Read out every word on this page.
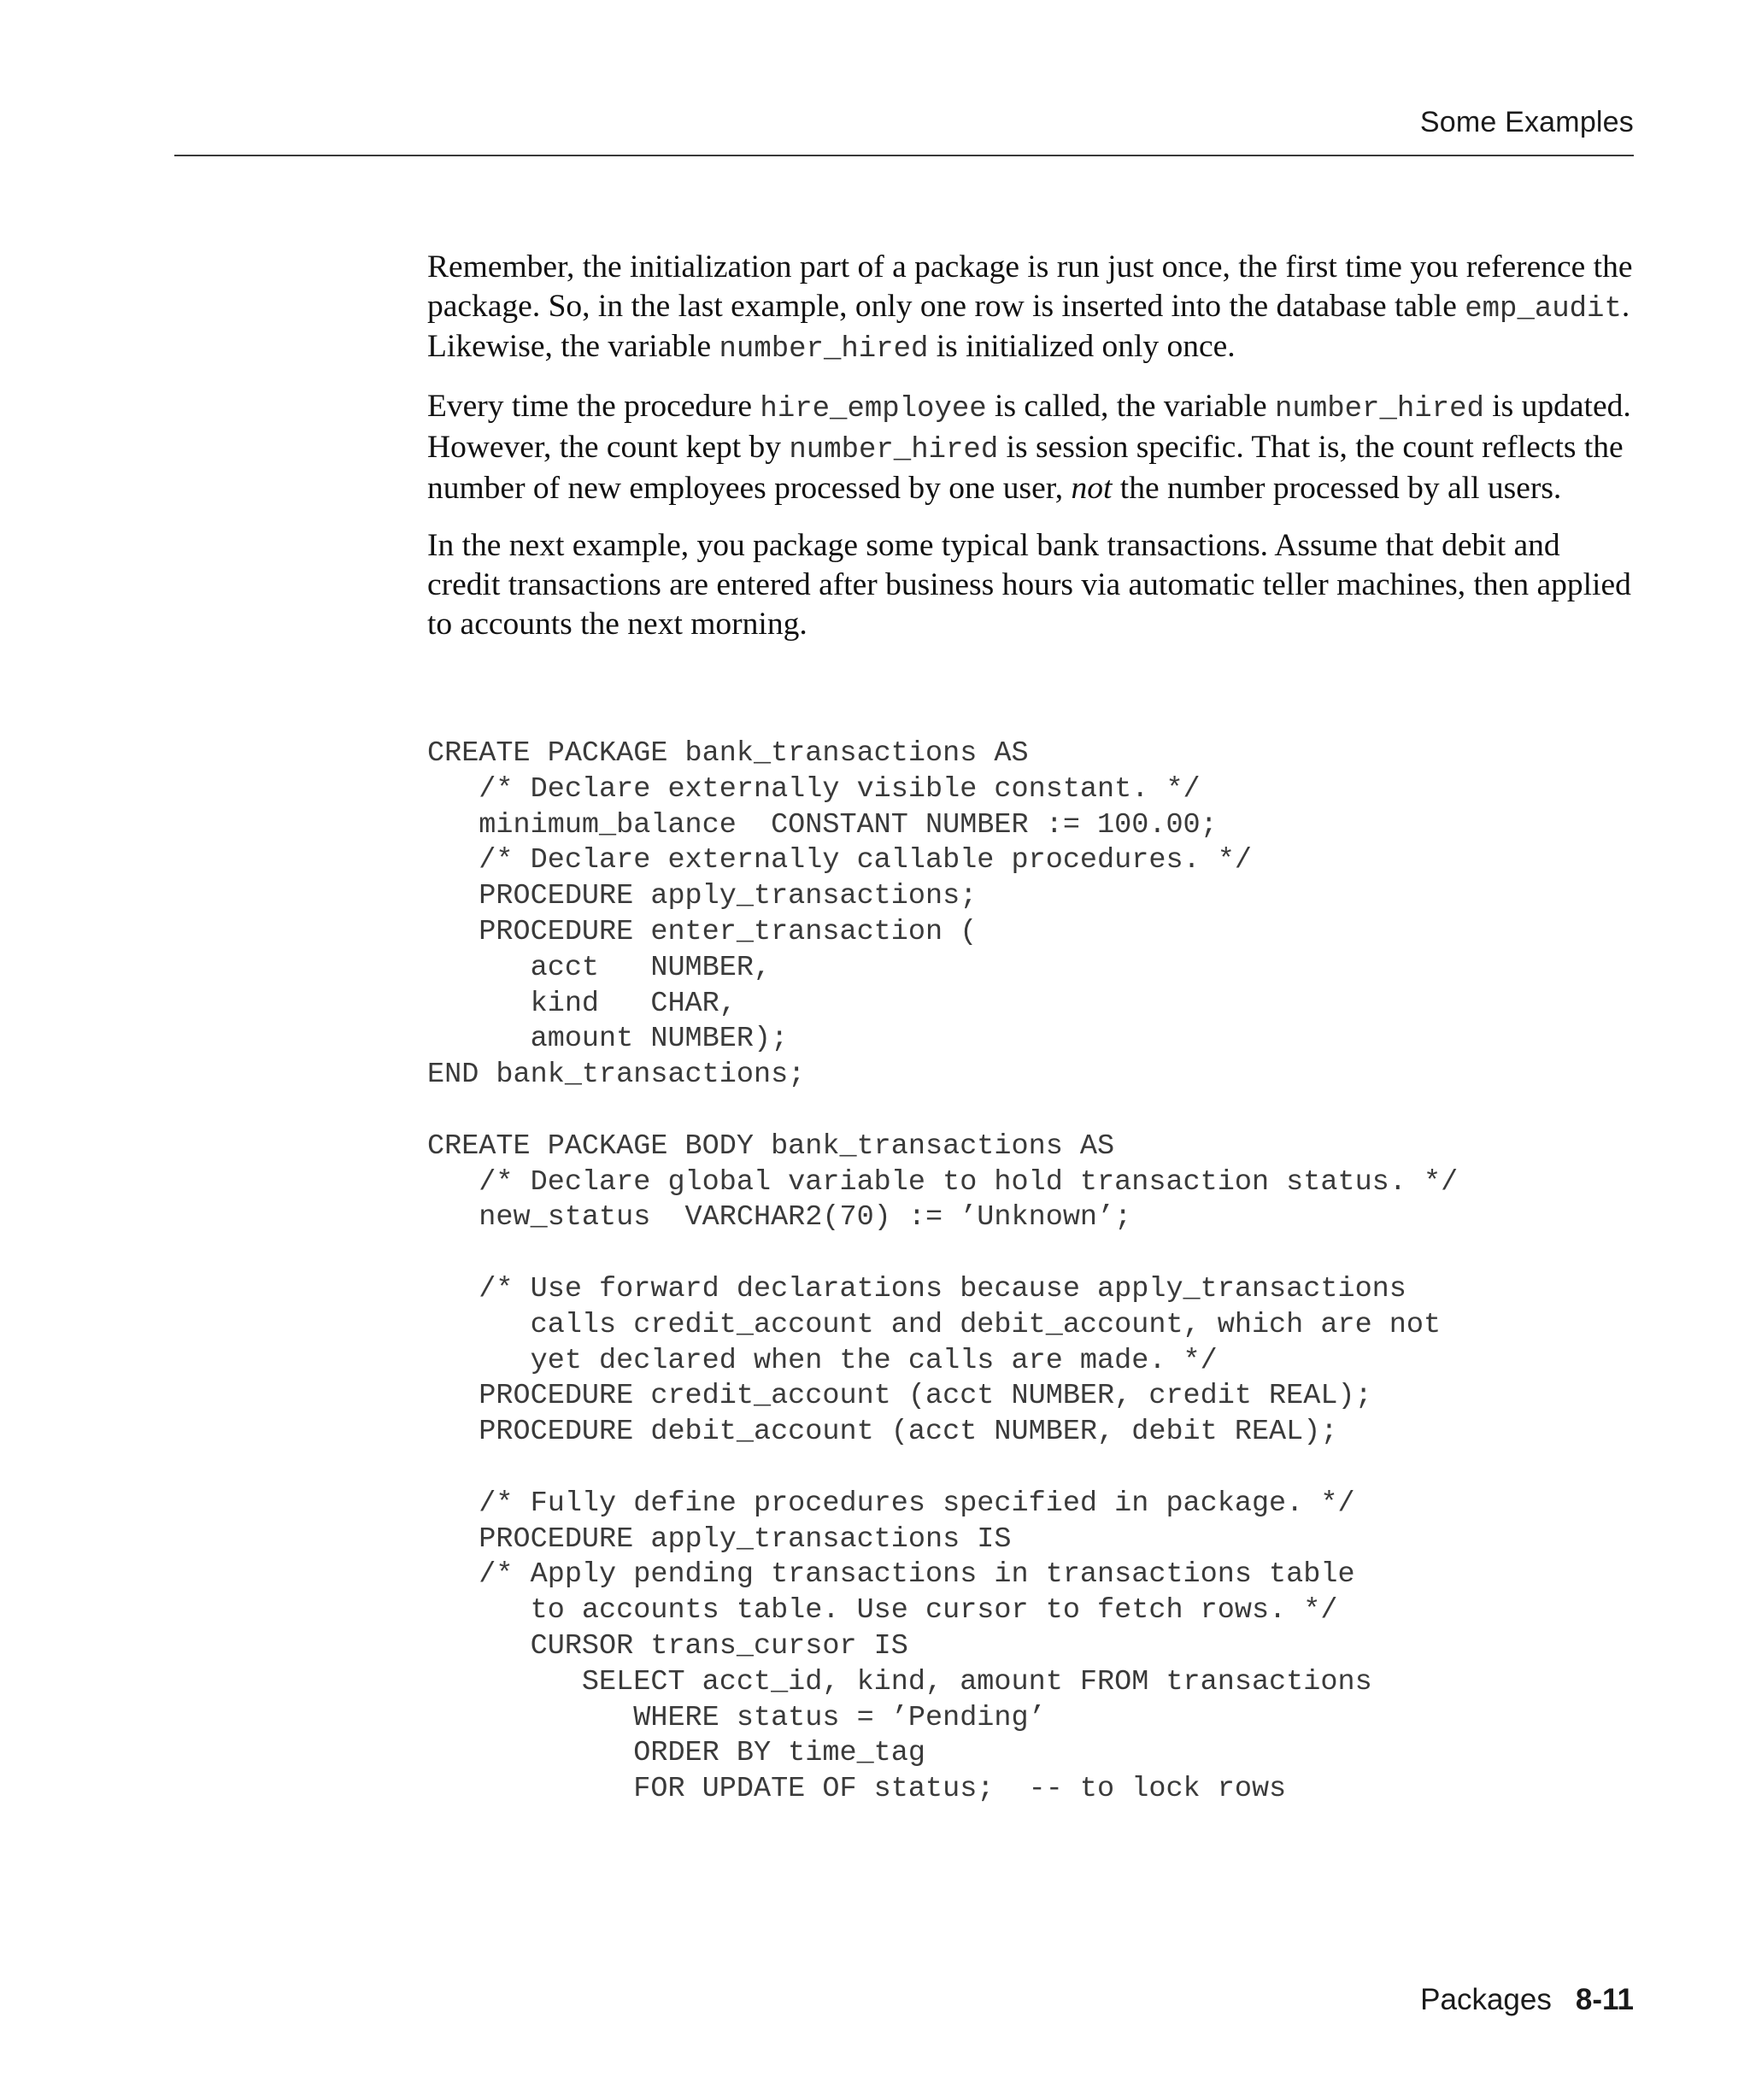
Some Examples

Remember, the initialization part of a package is run just once, the first time you reference the package. So, in the last example, only one row is inserted into the database table emp_audit. Likewise, the variable number_hired is initialized only once.

Every time the procedure hire_employee is called, the variable number_hired is updated. However, the count kept by number_hired is session specific. That is, the count reflects the number of new employees processed by one user, not the number processed by all users.

In the next example, you package some typical bank transactions. Assume that debit and credit transactions are entered after business hours via automatic teller machines, then applied to accounts the next morning.

CREATE PACKAGE bank_transactions AS
/* Declare externally visible constant. */
minimum_balance  CONSTANT NUMBER := 100.00;
/* Declare externally callable procedures. */
PROCEDURE apply_transactions;
PROCEDURE enter_transaction (
acct   NUMBER,
kind   CHAR,
amount NUMBER);
END bank_transactions;
CREATE PACKAGE BODY bank_transactions AS
/* Declare global variable to hold transaction status. */
new_status  VARCHAR2(70) := ’Unknown’;
/* Use forward declarations because apply_transactions
calls credit_account and debit_account, which are not
yet declared when the calls are made. */
PROCEDURE credit_account (acct NUMBER, credit REAL);
PROCEDURE debit_account (acct NUMBER, debit REAL);
/* Fully define procedures specified in package. */
PROCEDURE apply_transactions IS
/* Apply pending transactions in transactions table
to accounts table. Use cursor to fetch rows. */
CURSOR trans_cursor IS
SELECT acct_id, kind, amount FROM transactions
WHERE status = ’Pending’
ORDER BY time_tag
FOR UPDATE OF status;  -- to lock rows
Packages 8-11
